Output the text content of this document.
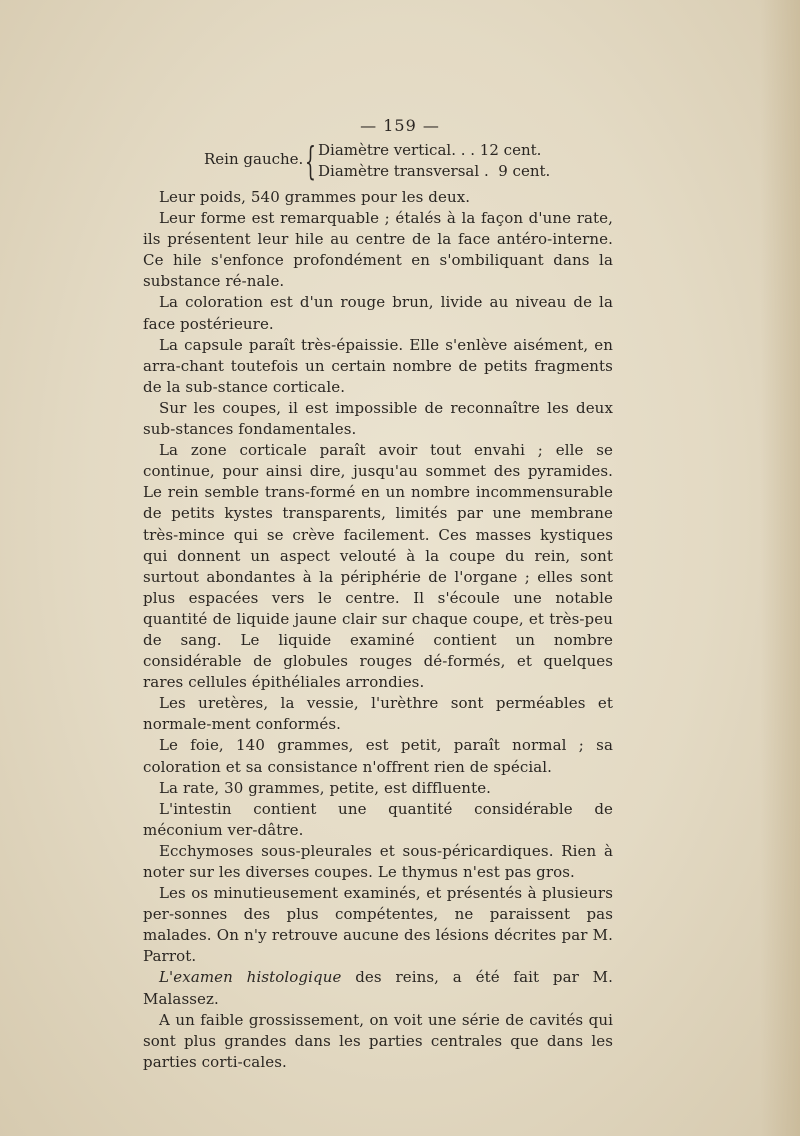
— 159 —
Rein gauche. { Diamètre vertical. . . 12 cent.
Diamètre transversal .  9 cent.

Leur poids, 540 grammes pour les deux.

Leur forme est remarquable ; étalés à la façon d'une rate, ils présentent leur hile au centre de la face antéro-interne. Ce hile s'enfonce profondément en s'ombiliquant dans la substance ré-nale.

La coloration est d'un rouge brun, livide au niveau de la face postérieure.

La capsule paraît très-épaissie. Elle s'enlève aisément, en arra-chant toutefois un certain nombre de petits fragments de la sub-stance corticale.

Sur les coupes, il est impossible de reconnaître les deux sub-stances fondamentales.

La zone corticale paraît avoir tout envahi ; elle se continue, pour ainsi dire, jusqu'au sommet des pyramides. Le rein semble trans-formé en un nombre incommensurable de petits kystes transparents, limités par une membrane très-mince qui se crève facilement. Ces masses kystiques qui donnent un aspect velouté à la coupe du rein, sont surtout abondantes à la périphérie de l'organe ; elles sont plus espacées vers le centre. Il s'écoule une notable quantité de liquide jaune clair sur chaque coupe, et très-peu de sang. Le liquide examiné contient un nombre considérable de globules rouges dé-formés, et quelques rares cellules épithéliales arrondies.

Les uretères, la vessie, l'urèthre sont perméables et normale-ment conformés.

Le foie, 140 grammes, est petit, paraît normal ; sa coloration et sa consistance n'offrent rien de spécial.

La rate, 30 grammes, petite, est diffluente.

L'intestin contient une quantité considérable de méconium ver-dâtre.

Ecchymoses sous-pleurales et sous-péricardiques. Rien à noter sur les diverses coupes. Le thymus n'est pas gros.

Les os minutieusement examinés, et présentés à plusieurs per-sonnes des plus compétentes, ne paraissent pas malades. On n'y retrouve aucune des lésions décrites par M. Parrot.

L'examen histologique des reins, a été fait par M. Malassez.

A un faible grossissement, on voit une série de cavités qui sont plus grandes dans les parties centrales que dans les parties corti-cales.
